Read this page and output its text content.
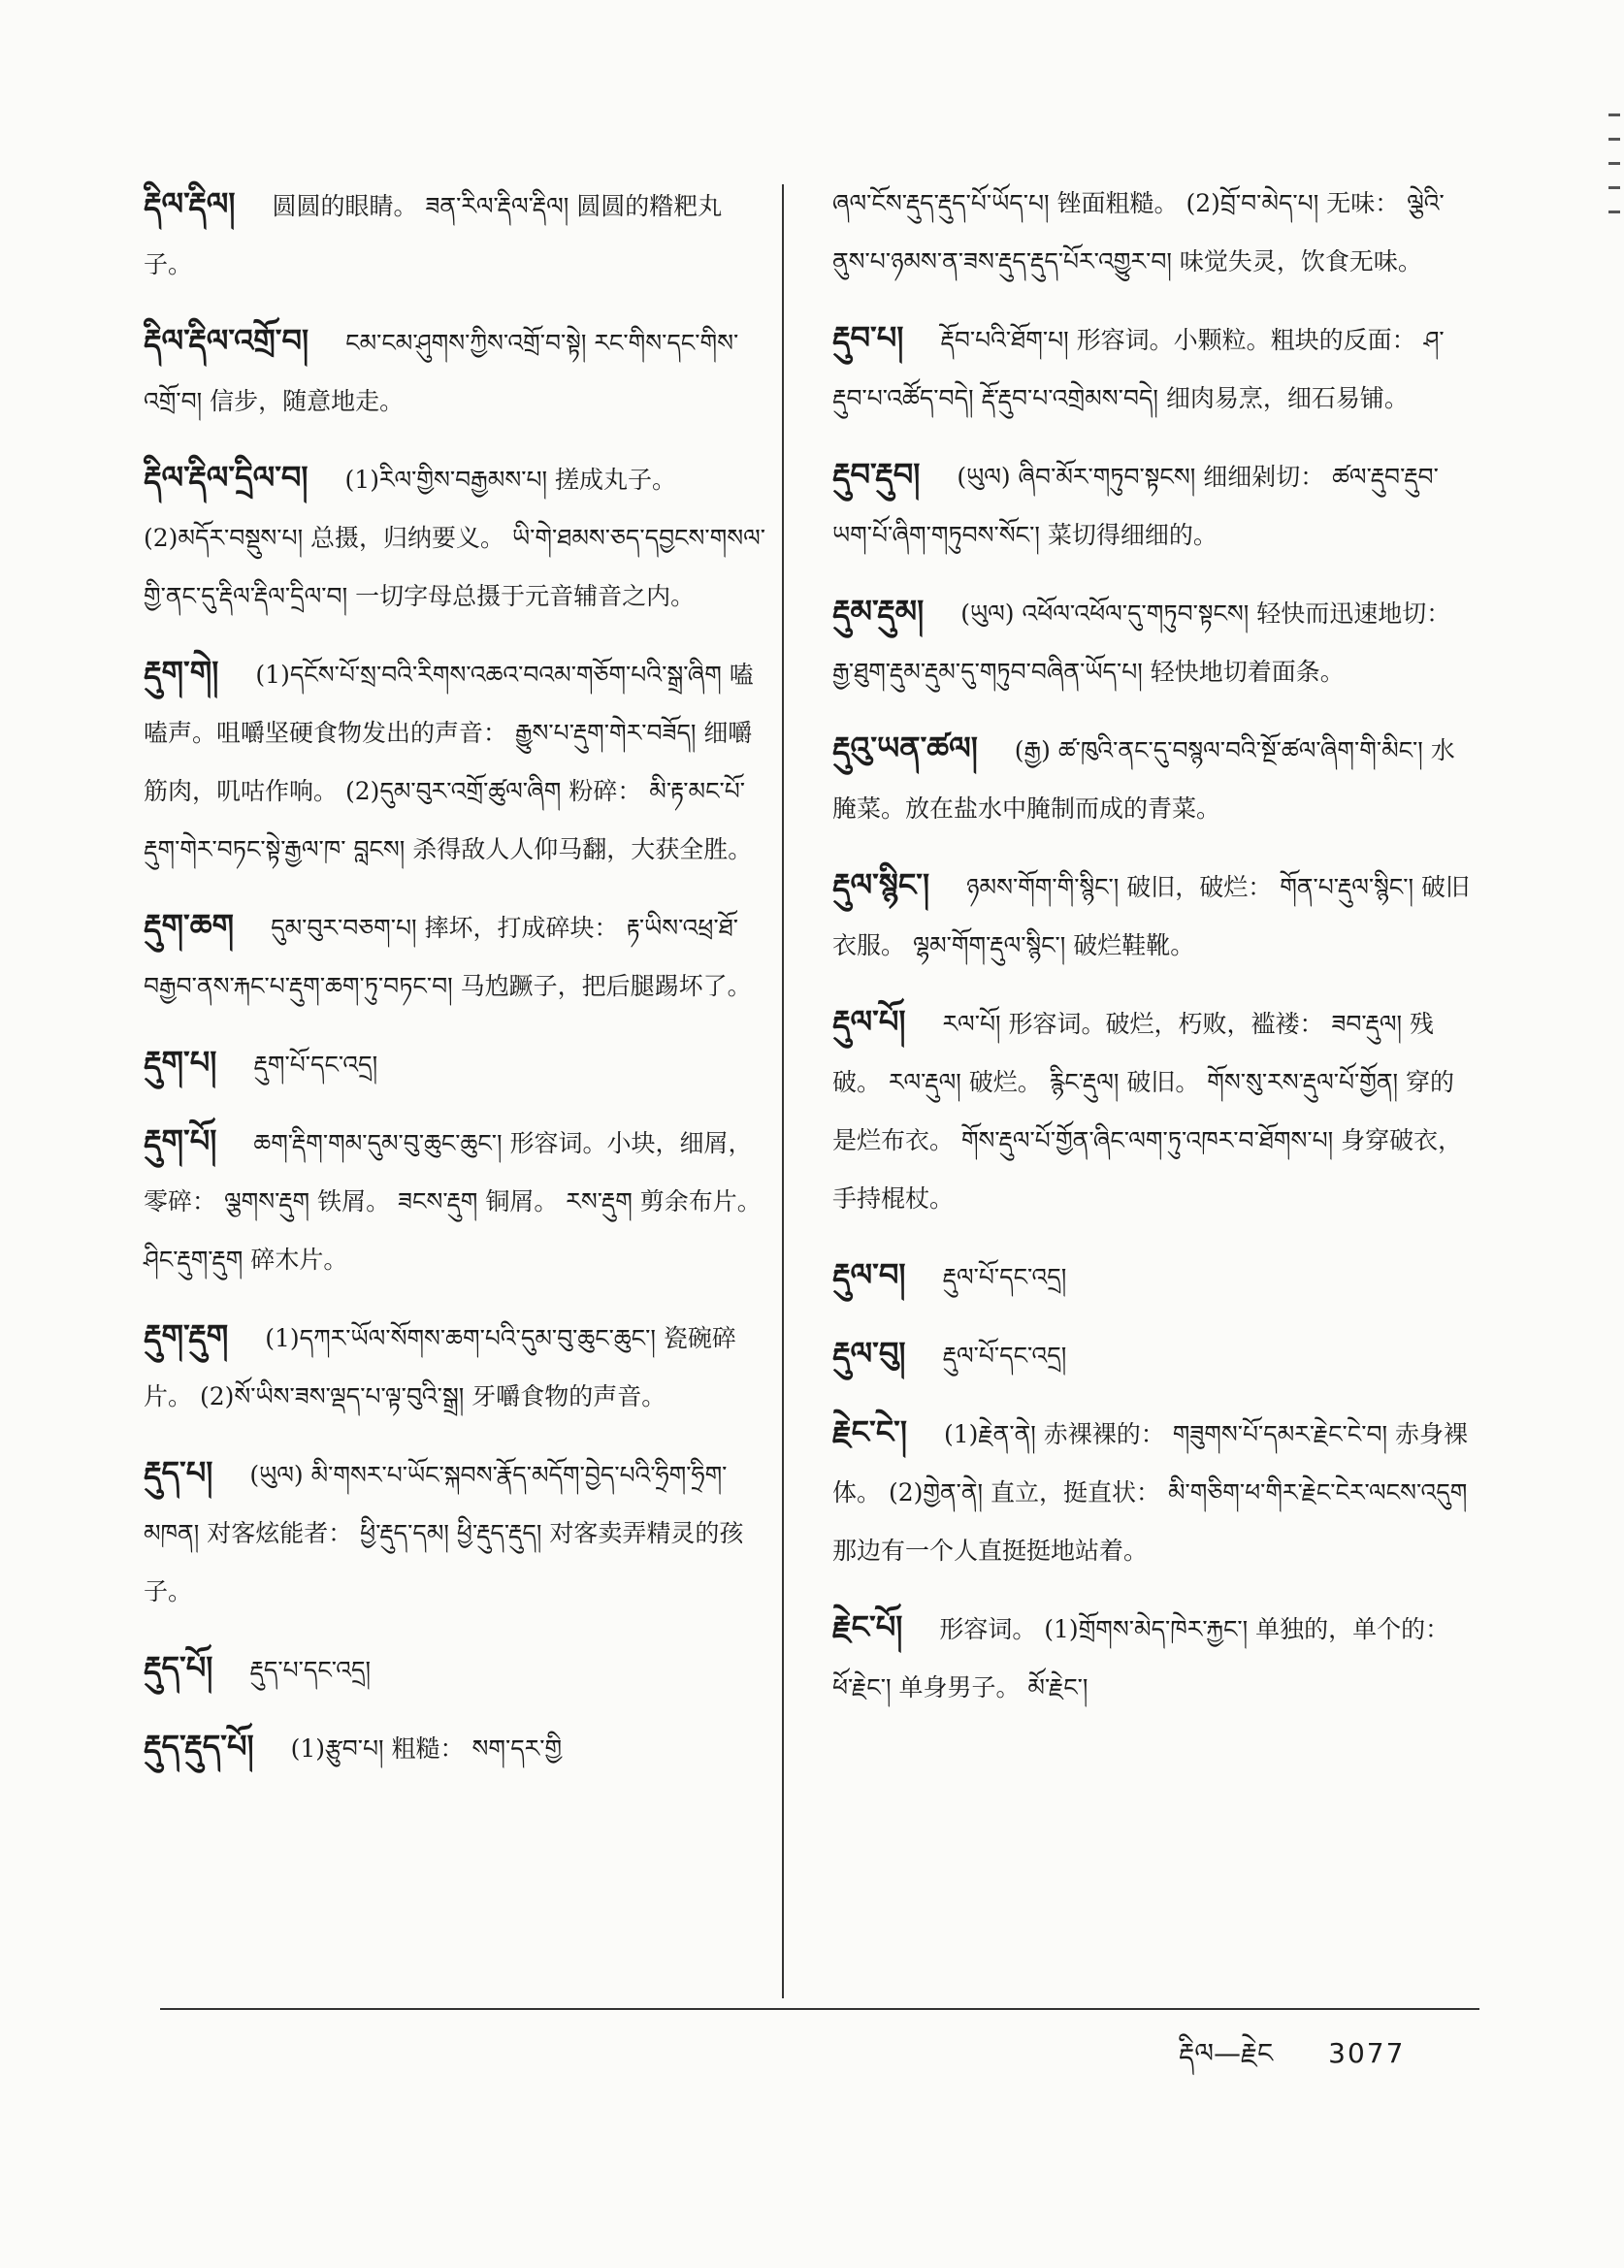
རྡིལ་རྡིལ། 圆圆的眼睛。 ཟན་རིལ་རྡིལ་རྡིལ། 圆圆的糌粑丸子。
རྡིལ་རྡིལ་འགྲོ་བ། ངམ་ངམ་ཤུགས་ཀྱིས་འགྲོ་བ་སྟེ། རང་གིས་དང་གིས་འགྲོ་བ། 信步，随意地走。
རྡིལ་རྡིལ་དྲིལ་བ། (1)རིལ་གྱིས་བརྒྱམས་པ། 搓成丸子。 (2)མདོར་བསྡུས་པ། 总摄，归纳要义。 ཡི་གེ་ཐམས་ཅད་དབྱངས་གསལ་གྱི་ནང་དུ་རྡིལ་རྡིལ་དྲིལ་བ། 一切字母总摄于元音辅音之内。
རྡུག་གེ། (1)དངོས་པོ་སྲ་བའི་རིགས་འཆའ་བའམ་གཅོག་པའི་སྒྲ་ཞིག 嗑嗑声。咀嚼坚硬食物发出的声音： རྒྱུས་པ་རྡུག་གེར་བཟོད། 细嚼筋肉，叽咕作响。 (2)དུམ་བུར་འགྲོ་ཚུལ་ཞིག 粉碎： མི་རྟ་མང་པོ་རྡུག་གེར་བཏང་སྟེ་རྒྱལ་ཁ་ བླངས། 杀得敌人人仰马翻，大获全胜。
རྡུག་ཆག དུམ་བུར་བཅག་པ། 摔坏，打成碎块： རྟ་ཡིས་འཕྲ་ཐོ་བརྒྱབ་ནས་རྐང་པ་རྡུག་ཆག་ཏུ་བཏང་བ། 马尥蹶子，把后腿踢坏了。
རྡུག་པ། རྡུག་པོ་དང་འདྲ།
རྡུག་པོ། ཆག་རྡིག་གམ་དུམ་བུ་ཆུང་ཆུང་། 形容词。小块，细屑，零碎： ལྕགས་རྡུག 铁屑。 ཟངས་རྡུག 铜屑。 རས་རྡུག 剪余布片。 ཤིང་རྡུག་རྡུག 碎木片。
རྡུག་རྡུག (1)དཀར་ཡོལ་སོགས་ཆག་པའི་དུམ་བུ་ཆུང་ཆུང་། 瓷碗碎片。 (2)སོ་ཡིས་ཟས་ལྡད་པ་ལྟ་བུའི་སྒྲ། 牙嚼食物的声音。
རྡུད་པ། (ཡུལ) མི་གསར་པ་ཡོང་སྐབས་རྣོད་མདོག་བྱེད་པའི་ཧྲིག་ཧྲིག་མཁན། 对客炫能者： ཕྱི་རྡུད་དམ། ཕྱི་རྡུད་རྡུད། 对客卖弄精灵的孩子。
རྡུད་པོ། རྡུད་པ་དང་འདྲ།
རྡུད་རྡུད་པོ། (1)རྩུབ་པ། 粗糙： སག་དར་གྱི
ཞལ་ངོས་རྡུད་རྡུད་པོ་ཡོད་པ། 锉面粗糙。 (2)བྲོ་བ་མེད་པ། 无味： ལྕེའི་ནུས་པ་ཉམས་ན་ཟས་རྡུད་རྡུད་པོར་འགྱུར་བ། 味觉失灵，饮食无味。
རྡུབ་པ། རྡོབ་པའི་ཐོག་པ། 形容词。小颗粒。粗块的反面： ཤ་རྡུབ་པ་འཚོད་བདེ། རྡོ་རྡུབ་པ་འགྲེམས་བདེ། 细肉易烹，细石易铺。
རྡུབ་རྡུབ། (ཡུལ) ཞིབ་མོར་གཏུབ་སྟངས། 细细剁切： ཚལ་རྡུབ་རྡུབ་ཡག་པོ་ཞིག་གཏུབས་སོང་། 菜切得细细的。
རྡུམ་རྡུམ། (ཡུལ) འཕོལ་འཕོལ་དུ་གཏུབ་སྟངས། 轻快而迅速地切： རྒྱ་ཐུག་རྡུམ་རྡུམ་དུ་གཏུབ་བཞིན་ཡོད་པ། 轻快地切着面条。
རྡུའུ་ཡན་ཚལ། (རྒྱ) ཚ་ཁུའི་ནང་དུ་བསྙལ་བའི་སྔོ་ཚལ་ཞིག་གི་མིང་། 水腌菜。放在盐水中腌制而成的青菜。
རྡུལ་སྙིང་། ཉམས་གོག་གི་སྙིང་། 破旧，破烂： གོན་པ་རྡུལ་སྙིང་། 破旧衣服。 ལྷམ་གོག་རྡུལ་སྙིང་། 破烂鞋靴。
རྡུལ་པོ། རལ་པོ། 形容词。破烂，朽败，褴褛： ཟབ་རྡུལ། 残破。 རལ་རྡུལ། 破烂。 རྙིང་རྡུལ། 破旧。 གོས་སུ་རས་རྡུལ་པོ་གྱོན། 穿的是烂布衣。 གོས་རྡུལ་པོ་གྱོན་ཞིང་ལག་ཏུ་འཁར་བ་ཐོགས་པ། 身穿破衣，手持棍杖。
རྡུལ་བ། རྡུལ་པོ་དང་འདྲ།
རྡུལ་བུ། རྡུལ་པོ་དང་འདྲ།
རྗེང་ངེ་། (1)རྗེན་ནེ། 赤裸裸的： གཟུགས་པོ་དམར་རྗེང་ངེ་བ། 赤身裸体。 (2)གྱེན་ནེ། 直立，挺直状： མི་གཅིག་ཕ་གིར་རྗེང་ངེར་ལངས་འདུག 那边有一个人直挺挺地站着。
རྗེང་པོ། 形容词。 (1)གྲོགས་མེད་ཁེར་རྐྱང་། 单独的，单个的： ཕོ་རྗེང་། 单身男子。 མོ་རྗེང་།
རྡིལ—རྗེང 3077
